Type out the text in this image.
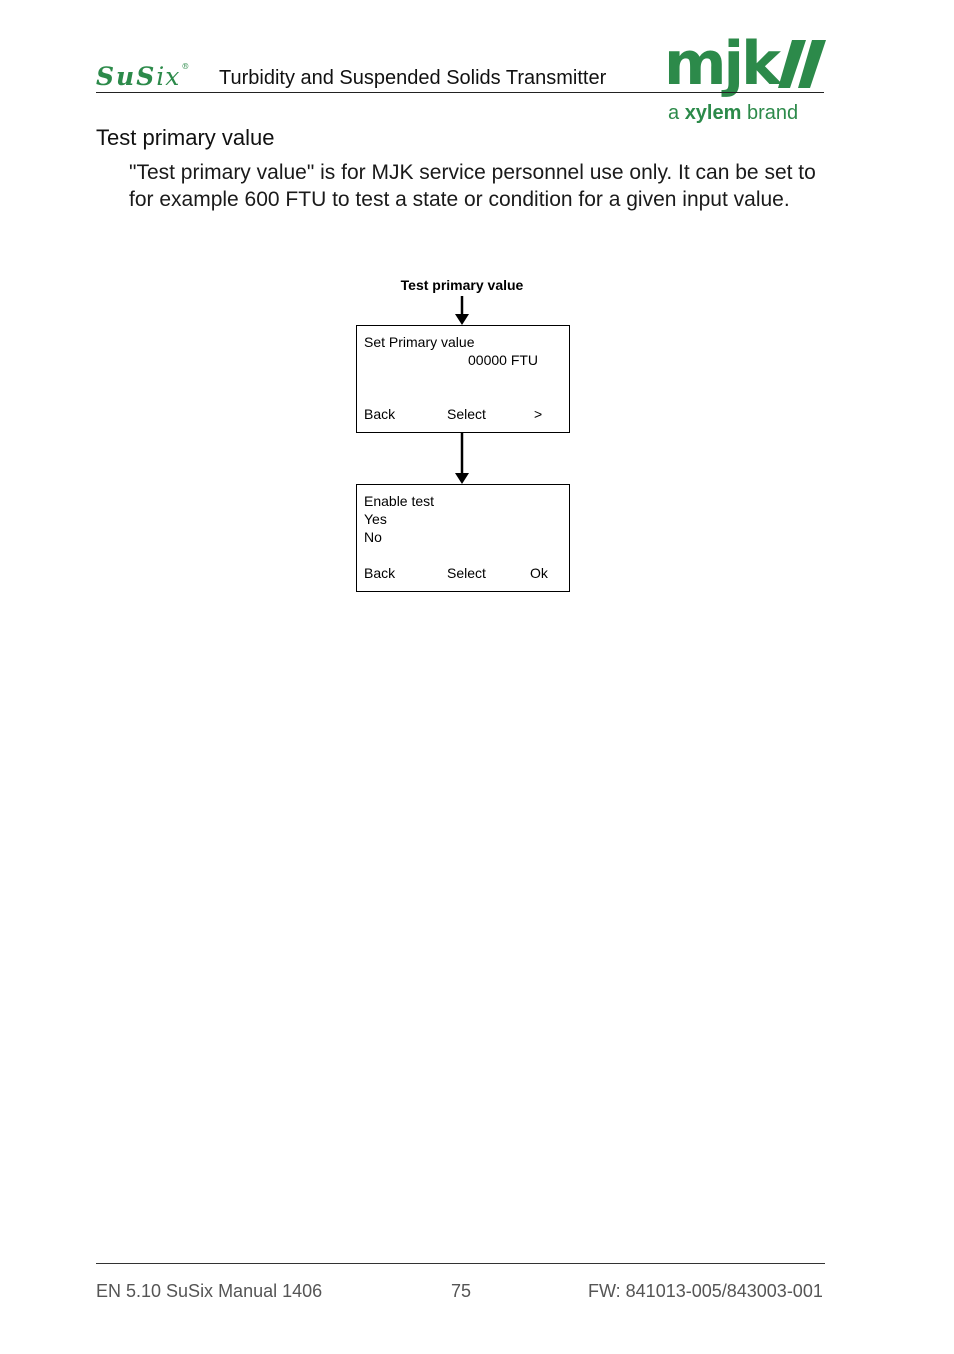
SuSix®
Turbidity and Suspended Solids Transmitter mjk
a xylem brand
Test primary value
"Test primary value" is for MJK service personnel use only. It can be set to for example 600 FTU to test a state or condition for a given input value.
Test primary value
Set Primary value
00000 FTU
Back	Select	>
Enable test
Yes
No
Back	Select	Ok
EN 5.10 SuSix Manual 1406	75	FW: 841013-005/843003-001
